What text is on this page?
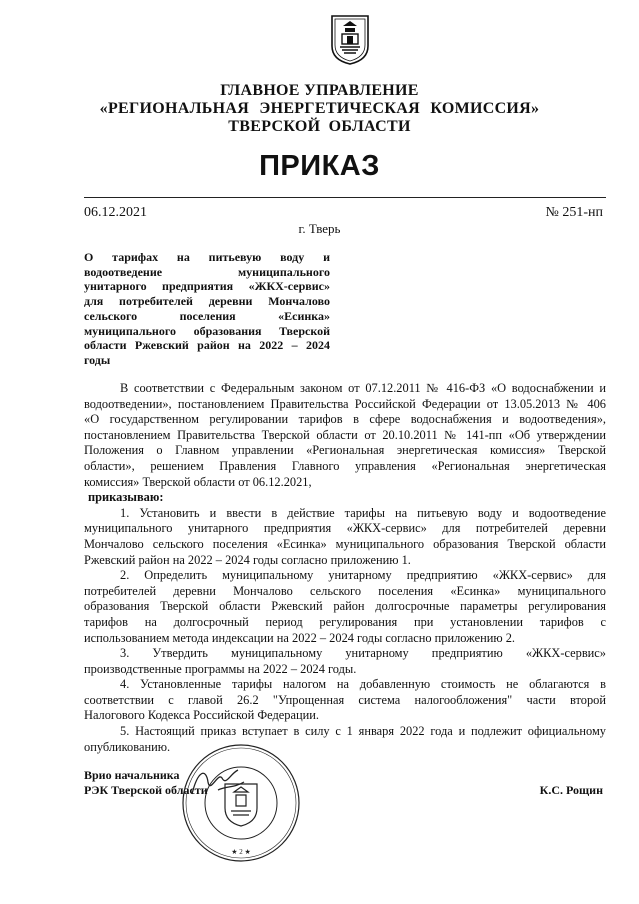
ГЛАВНОЕ УПРАВЛЕНИЕ
«РЕГИОНАЛЬНАЯ ЭНЕРГЕТИЧЕСКАЯ КОМИССИЯ»
ТВЕРСКОЙ ОБЛАСТИ
ПРИКАЗ
06.12.2021	№ 251-нп
г. Тверь
О тарифах на питьевую воду и
водоотведение муниципального
унитарного предприятия «ЖКХ-сервис»
для потребителей деревни Мончалово
сельского поселения «Есинка»
муниципального образования Тверской
области Ржевский район на 2022 – 2024
годы

В соответствии с Федеральным законом от 07.12.2011 № 416-ФЗ «О водоснабжении и
водоотведении», постановлением Правительства Российской Федерации от 13.05.2013 № 406
«О государственном регулировании тарифов в сфере водоснабжения и водоотведения»,
постановлением Правительства Тверской области от 20.10.2011 № 141-пп «Об утверждении
Положения о Главном управлении «Региональная энергетическая комиссия» Тверской
области», решением Правления Главного управления «Региональная энергетическая
комиссия» Тверской области от 06.12.2021,

1. Установить и ввести в действие тарифы на питьевую воду и водоотведение
муниципального унитарного предприятия «ЖКХ-сервис» для потребителей деревни
Мончалово сельского поселения «Есинка» муниципального образования Тверской области
Ржевский район на 2022 – 2024 годы согласно приложению 1.

2. Определить муниципальному унитарному предприятию «ЖКХ-сервис» для
потребителей деревни Мончалово сельского поселения «Есинка» муниципального
образования Тверской области Ржевский район долгосрочные параметры регулирования
тарифов на долгосрочный период регулирования при установлении тарифов с
использованием метода индексации на 2022 – 2024 годы согласно приложению 2.

3. Утвердить муниципальному унитарному предприятию «ЖКХ-сервис»
производственные программы на 2022 – 2024 годы.

4. Установленные тарифы налогом на добавленную стоимость не облагаются в
соответствии с главой 26.2 "Упрощенная система налогообложения" части второй
Налогового Кодекса Российской Федерации.

5. Настоящий приказ вступает в силу с 1 января 2022 года и подлежит официальному
опубликованию.

приказываю:
★ 2 ★
Врио начальника
РЭК Тверской области	К.С. Рощин
